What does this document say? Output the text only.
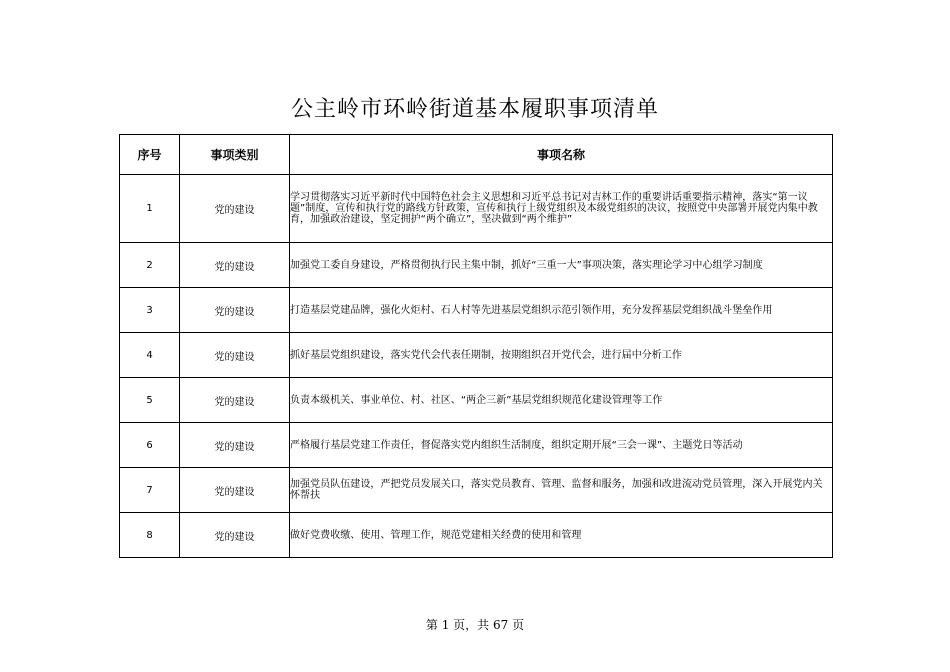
公主岭市环岭街道基本履职事项清单
序号	事项类别	事项名称
1	党的建设	学习贯彻落实习近平新时代中国特色社会主义思想和习近平总书记对吉林工作的重要讲话重要指示精神，落实“第一议题”制度，宣传和执行党的路线方针政策，宣传和执行上级党组织及本级党组织的决议，按照党中央部署开展党内集中教育，加强政治建设，坚定拥护“两个确立”，坚决做到“两个维护”
2	党的建设	加强党工委自身建设，严格贯彻执行民主集中制，抓好“三重一大”事项决策，落实理论学习中心组学习制度
3	党的建设	打造基层党建品牌，强化火炬村、石人村等先进基层党组织示范引领作用，充分发挥基层党组织战斗堡垒作用
4	党的建设	抓好基层党组织建设，落实党代会代表任期制，按期组织召开党代会，进行届中分析工作
5	党的建设	负责本级机关、事业单位、村、社区、“两企三新”基层党组织规范化建设管理等工作
6	党的建设	严格履行基层党建工作责任，督促落实党内组织生活制度，组织定期开展“三会一课”、主题党日等活动
7	党的建设	加强党员队伍建设，严把党员发展关口，落实党员教育、管理、监督和服务，加强和改进流动党员管理，深入开展党内关怀帮扶
8	党的建设	做好党费收缴、使用、管理工作，规范党建相关经费的使用和管理
第 1 页，共 67 页
